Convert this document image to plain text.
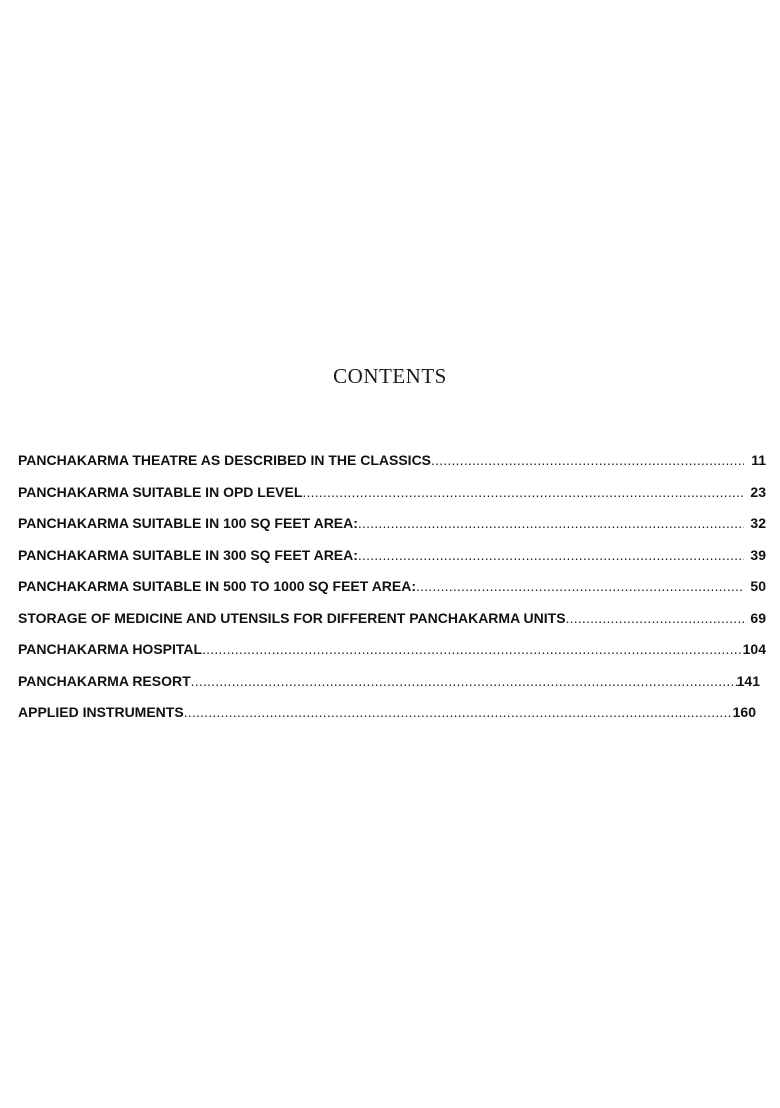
CONTENTS
PANCHAKARMA THEATRE AS DESCRIBED IN THE CLASSICS .....	11
PANCHAKARMA SUITABLE IN OPD LEVEL .....	23
PANCHAKARMA SUITABLE IN 100 SQ FEET AREA: .....	32
PANCHAKARMA SUITABLE IN 300 SQ FEET AREA: .....	39
PANCHAKARMA SUITABLE IN 500 TO 1000 SQ FEET AREA: .....	50
STORAGE OF MEDICINE AND UTENSILS FOR DIFFERENT PANCHAKARMA UNITS .....	69
PANCHAKARMA HOSPITAL .....	104
PANCHAKARMA RESORT .....	141
APPLIED INSTRUMENTS .....	160
